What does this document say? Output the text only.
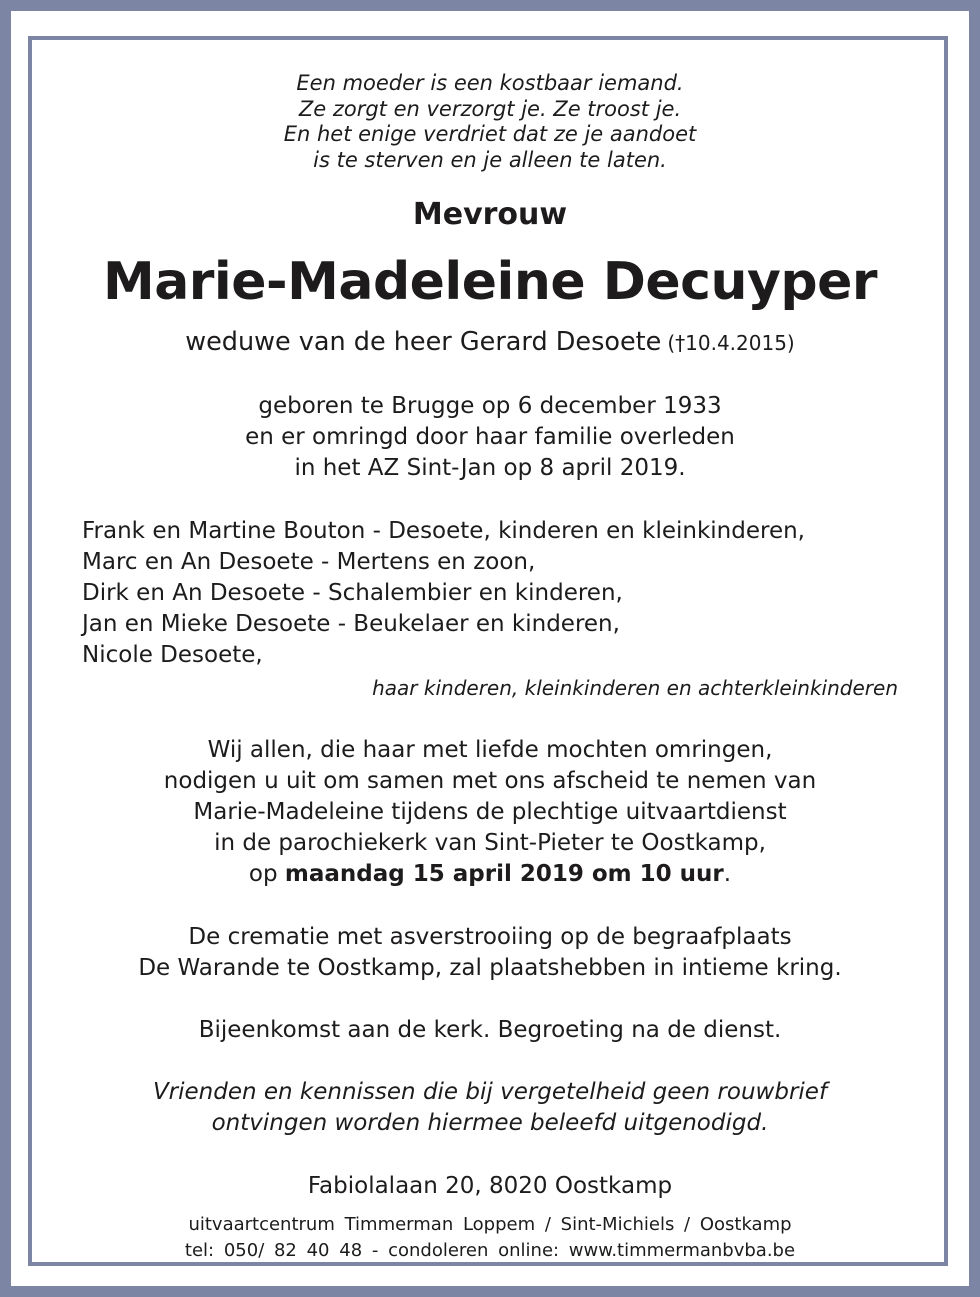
Een moeder is een kostbaar iemand.
Ze zorgt en verzorgt je. Ze troost je.
En het enige verdriet dat ze je aandoet
is te sterven en je alleen te laten.
Mevrouw
Marie-Madeleine Decuyper
weduwe van de heer Gerard Desoete (†10.4.2015)
geboren te Brugge op 6 december 1933
en er omringd door haar familie overleden
in het AZ Sint-Jan op 8 april 2019.
Frank en Martine Bouton - Desoete, kinderen en kleinkinderen,
Marc en An Desoete - Mertens en zoon,
Dirk en An Desoete - Schalembier en kinderen,
Jan en Mieke Desoete - Beukelaer en kinderen,
Nicole Desoete,
haar kinderen, kleinkinderen en achterkleinkinderen
Wij allen, die haar met liefde mochten omringen,
nodigen u uit om samen met ons afscheid te nemen van
Marie-Madeleine tijdens de plechtige uitvaartdienst
in de parochiekerk van Sint-Pieter te Oostkamp,
op maandag 15 april 2019 om 10 uur.
De crematie met asverstrooiing op de begraafplaats
De Warande te Oostkamp, zal plaatshebben in intieme kring.
Bijeenkomst aan de kerk. Begroeting na de dienst.
Vrienden en kennissen die bij vergetelheid geen rouwbrief
ontvingen worden hiermee beleefd uitgenodigd.
Fabiolalaan 20, 8020 Oostkamp
uitvaartcentrum Timmerman Loppem / Sint-Michiels / Oostkamp
tel: 050/ 82 40 48 - condoleren online: www.timmermanbvba.be
